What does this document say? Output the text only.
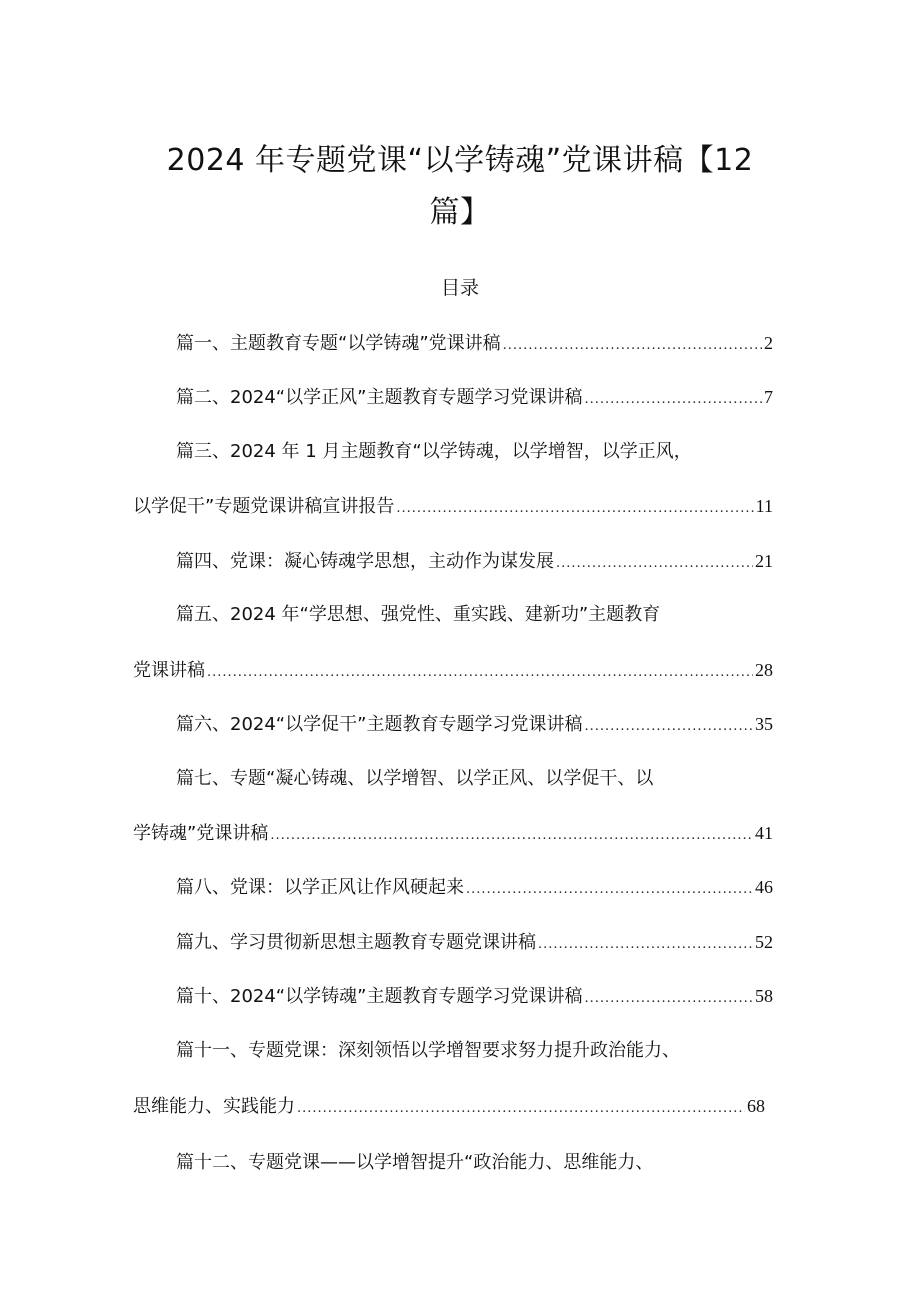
2024 年专题党课“以学铸魂”党课讲稿【12
篇】
目录
篇一、主题教育专题“以学铸魂”党课讲稿 .....	2
篇二、2024“以学正风”主题教育专题学习党课讲稿 .....	7
篇三、2024 年 1 月主题教育“以学铸魂，以学增智，以学正风，
以学促干”专题党课讲稿宣讲报告 .....	11
篇四、党课：凝心铸魂学思想，主动作为谋发展 .....	21
篇五、2024 年“学思想、强党性、重实践、建新功”主题教育
党课讲稿 .....	28
篇六、2024“以学促干”主题教育专题学习党课讲稿 .....	35
篇七、专题“凝心铸魂、以学增智、以学正风、以学促干、以
学铸魂”党课讲稿 .....	41
篇八、党课：以学正风让作风硬起来 .....	46
篇九、学习贯彻新思想主题教育专题党课讲稿 .....	52
篇十、2024“以学铸魂”主题教育专题学习党课讲稿 .....	58
篇十一、专题党课：深刻领悟以学增智要求努力提升政治能力、
思维能力、实践能力 .....	68
篇十二、专题党课——以学增智提升“政治能力、思维能力、
